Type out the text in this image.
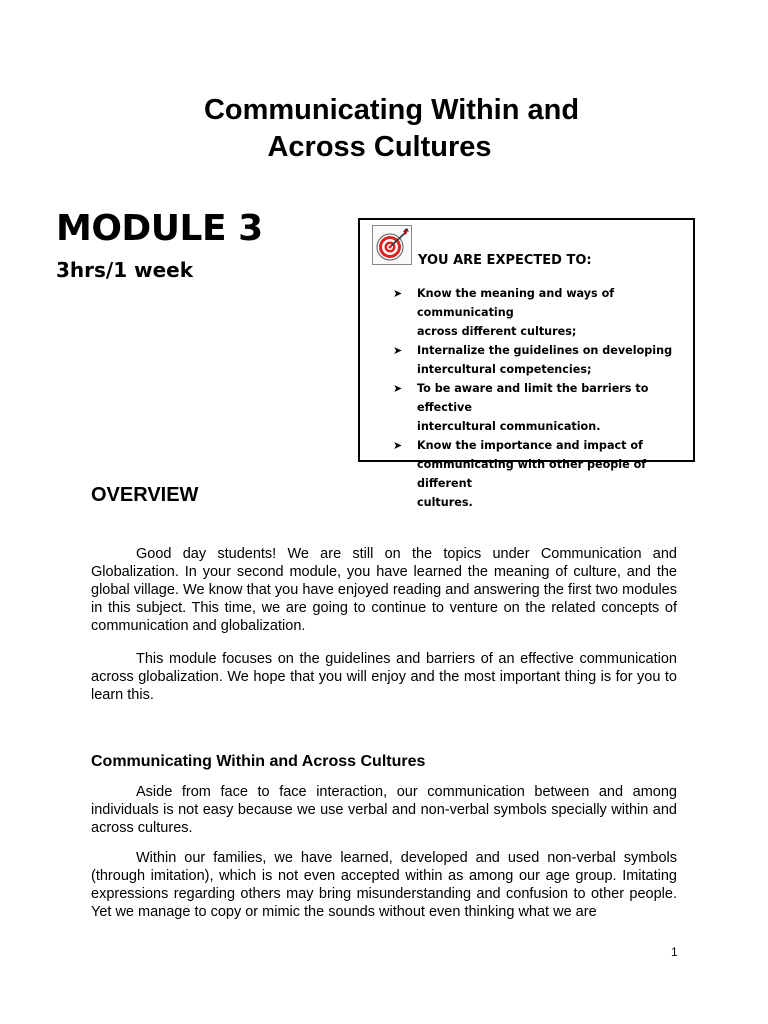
Communicating Within and
Across Cultures
MODULE 3
3hrs/1 week	YOU ARE EXPECTED TO:
➤ Know the meaning and ways of communicating
across different cultures;
➤ Internalize the guidelines on developing
intercultural competencies;
➤ To be aware and limit the barriers to effective
intercultural communication.
➤ Know the importance and impact of
communicating with other people of different
cultures.
OVERVIEW

Good day students! We are still on the topics under Communication and Globalization. In your second module, you have learned the meaning of culture, and the global village. We know that you have enjoyed reading and answering the first two modules in this subject. This time, we are going to continue to venture on the related concepts of communication and globalization.

This module focuses on the guidelines and barriers of an effective communication across globalization. We hope that you will enjoy and the most important thing is for you to learn this.

Communicating Within and Across Cultures

Aside from face to face interaction, our communication between and among individuals is not easy because we use verbal and non-verbal symbols specially within and across cultures.

Within our families, we have learned, developed and used non-verbal symbols (through imitation), which is not even accepted within as among our age group. Imitating expressions regarding others may bring misunderstanding and confusion to other people. Yet we manage to copy or mimic the sounds without even thinking what we are

1
